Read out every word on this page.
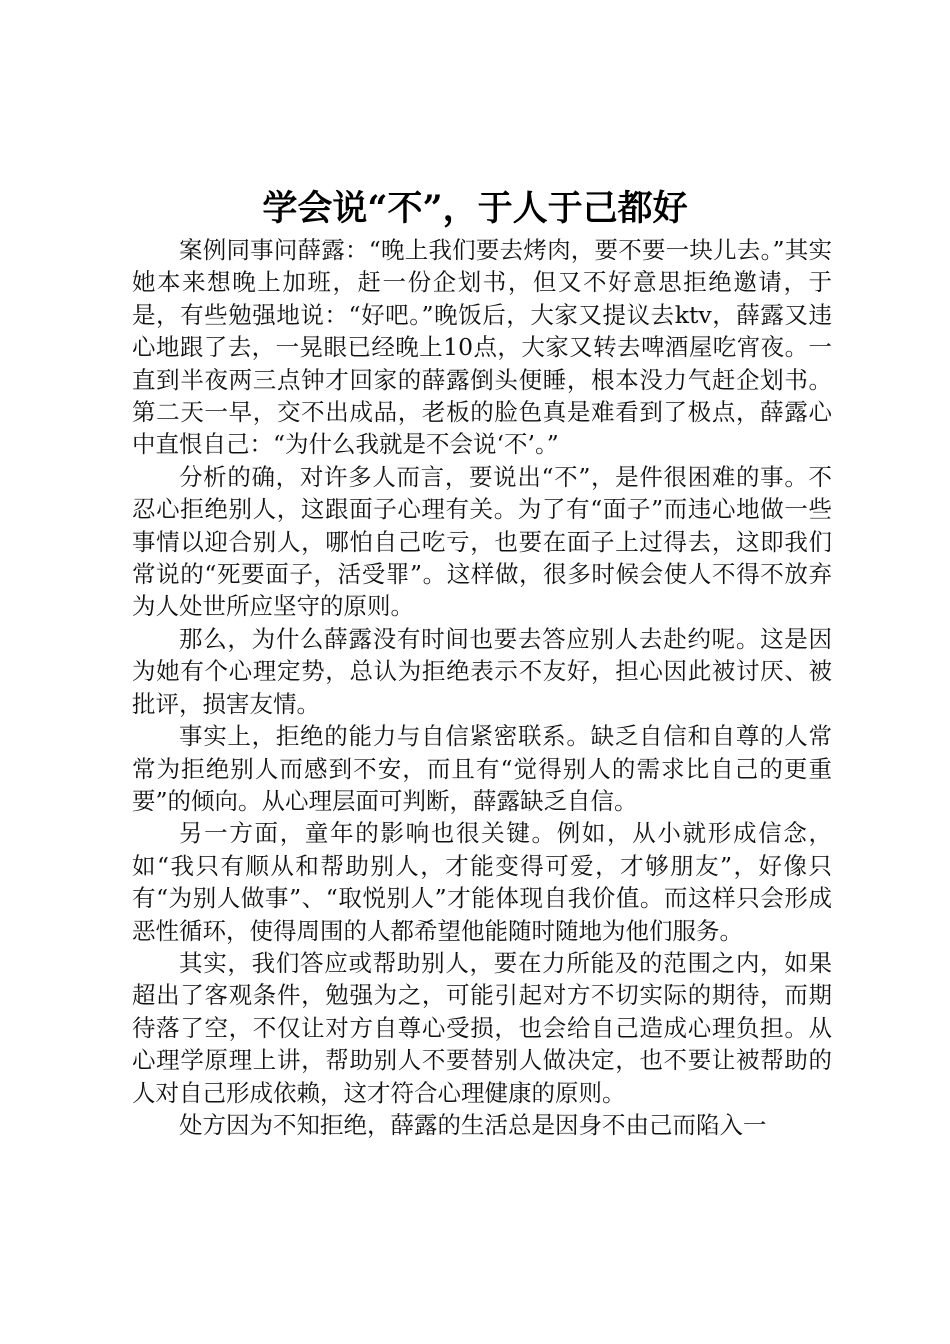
学会说“不”，于人于己都好

案例同事问薛露：“晚上我们要去烤肉，要不要一块儿去。”其实她本来想晚上加班，赶一份企划书，但又不好意思拒绝邀请，于是，有些勉强地说：“好吧。”晚饭后，大家又提议去ktv，薛露又违心地跟了去，一晃眼已经晚上10点，大家又转去啤酒屋吃宵夜。一直到半夜两三点钟才回家的薛露倒头便睡，根本没力气赶企划书。第二天一早，交不出成品，老板的脸色真是难看到了极点，薛露心中直恨自己：“为什么我就是不会说‘不’。”

分析的确，对许多人而言，要说出“不”，是件很困难的事。不忍心拒绝别人，这跟面子心理有关。为了有“面子”而违心地做一些事情以迎合别人，哪怕自己吃亏，也要在面子上过得去，这即我们常说的“死要面子，活受罪”。这样做，很多时候会使人不得不放弃为人处世所应坚守的原则。

那么，为什么薛露没有时间也要去答应别人去赴约呢。这是因为她有个心理定势，总认为拒绝表示不友好，担心因此被讨厌、被批评，损害友情。

事实上，拒绝的能力与自信紧密联系。缺乏自信和自尊的人常常为拒绝别人而感到不安，而且有“觉得别人的需求比自己的更重要”的倾向。从心理层面可判断，薛露缺乏自信。

另一方面，童年的影响也很关键。例如，从小就形成信念，如“我只有顺从和帮助别人，才能变得可爱，才够朋友”，好像只有“为别人做事”、“取悦别人”才能体现自我价值。而这样只会形成恶性循环，使得周围的人都希望他能随时随地为他们服务。

其实，我们答应或帮助别人，要在力所能及的范围之内，如果超出了客观条件，勉强为之，可能引起对方不切实际的期待，而期待落了空，不仅让对方自尊心受损，也会给自己造成心理负担。从心理学原理上讲，帮助别人不要替别人做决定，也不要让被帮助的人对自己形成依赖，这才符合心理健康的原则。

处方因为不知拒绝，薛露的生活总是因身不由己而陷入一
